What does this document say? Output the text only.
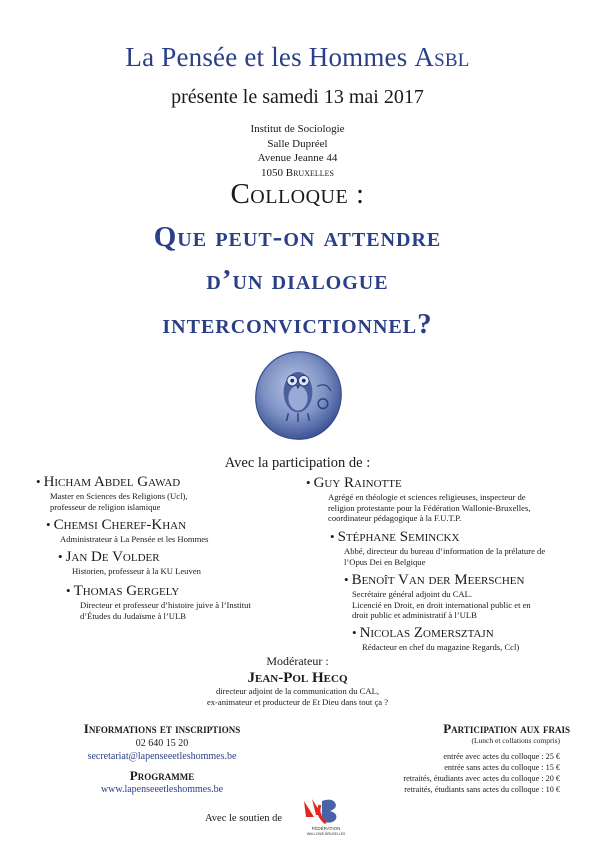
La Pensée et les Hommes Asbl
présente le samedi 13 mai 2017
Institut de Sociologie
Salle Dupréel
Avenue Jeanne 44
1050 Bruxelles
Colloque :
Que peut-on attendre
d’un dialogue
interconvictionnel?
Avec la participation de :
• Hicham Abdel Gawad
Master en Sciences des Religions (Ucl),
professeur de religion islamique
• Chemsi Cheref-Khan
Administrateur à La Pensée et les Hommes
• Jan De Volder
Historien, professeur à la KU Leuven
• Thomas Gergely
Directeur et professeur d’histoire juive à l’Institut
d’Études du Judaïsme à l’ULB
• Guy Rainotte
Agrégé en théologie et sciences religieuses, inspecteur de
religion protestante pour la Fédération Wallonie-Bruxelles,
coordinateur pédagogique à la F.U.T.P.
• Stéphane Seminckx
Abbé, directeur du bureau d’information de la prélature de
l’Opus Dei en Belgique
• Benoît Van der Meerschen
Secrétaire général adjoint du CAL.
Licencié en Droit, en droit international public et en
droit public et administratif à l’ULB
• Nicolas Zomersztajn
Rédacteur en chef du magazine Regards, Ccl)
Modérateur :
Jean-Pol Hecq
directeur adjoint de la communication du CAL,
ex-animateur et producteur de Et Dieu dans tout ça ?
Informations et inscriptions
02 640 15 20
secretariat@lapenseeetleshommes.be
Programme
www.lapenseeetleshommes.be
Participation aux frais
(Lunch et collations compris)
entrée avec actes du colloque : 25 €
entrée sans actes du colloque : 15 €
retraités, étudiants avec actes du colloque : 20 €
retraités, étudiants sans actes du colloque : 10 €
Avec le soutien de
FÉDÉRATION
WALLONIE-BRUXELLES
